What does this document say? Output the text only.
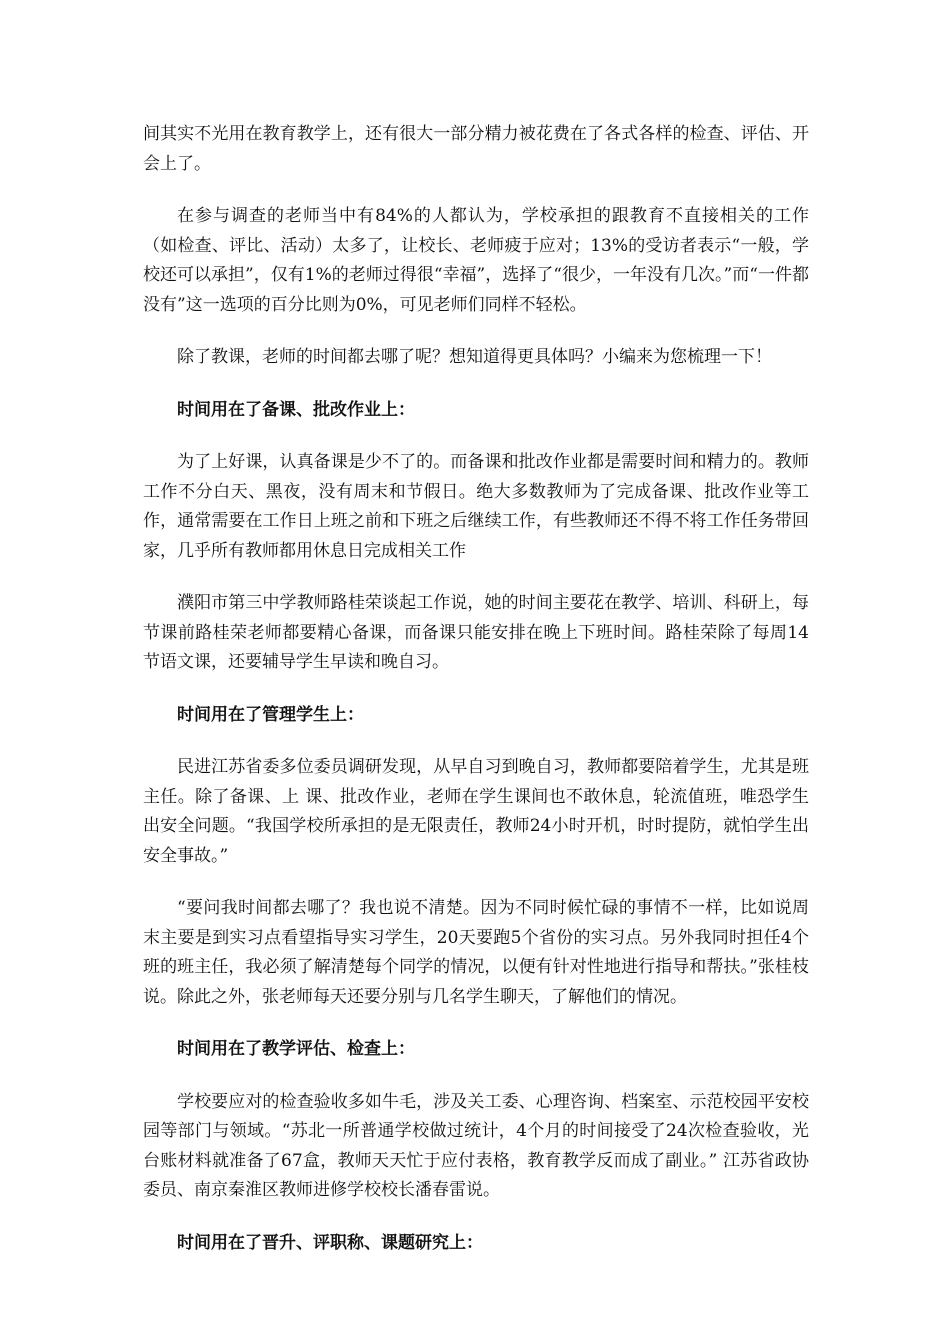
间其实不光用在教育教学上，还有很大一部分精力被花费在了各式各样的检查、评估、开会上了。

在参与调查的老师当中有84%的人都认为，学校承担的跟教育不直接相关的工作（如检查、评比、活动）太多了，让校长、老师疲于应对；13%的受访者表示“一般，学校还可以承担”，仅有1%的老师过得很“幸福”，选择了“很少，一年没有几次。”而“一件都没有”这一选项的百分比则为0%，可见老师们同样不轻松。

除了教课，老师的时间都去哪了呢？想知道得更具体吗？小编来为您梳理一下！

时间用在了备课、批改作业上：

为了上好课，认真备课是少不了的。而备课和批改作业都是需要时间和精力的。教师工作不分白天、黑夜，没有周末和节假日。绝大多数教师为了完成备课、批改作业等工作，通常需要在工作日上班之前和下班之后继续工作，有些教师还不得不将工作任务带回家，几乎所有教师都用休息日完成相关工作

濮阳市第三中学教师路桂荣谈起工作说，她的时间主要花在教学、培训、科研上，每节课前路桂荣老师都要精心备课，而备课只能安排在晚上下班时间。路桂荣除了每周14节语文课，还要辅导学生早读和晚自习。

时间用在了管理学生上：

民进江苏省委多位委员调研发现，从早自习到晚自习，教师都要陪着学生，尤其是班主任。除了备课、上 课、批改作业，老师在学生课间也不敢休息，轮流值班，唯恐学生出安全问题。“我国学校所承担的是无限责任，教师24小时开机，时时提防，就怕学生出安全事故。”

“要问我时间都去哪了？我也说不清楚。因为不同时候忙碌的事情不一样，比如说周末主要是到实习点看望指导实习学生，20天要跑5个省份的实习点。另外我同时担任4个班的班主任，我必须了解清楚每个同学的情况，以便有针对性地进行指导和帮扶。”张桂枝说。除此之外，张老师每天还要分别与几名学生聊天，了解他们的情况。

时间用在了教学评估、检查上：

学校要应对的检查验收多如牛毛，涉及关工委、心理咨询、档案室、示范校园平安校园等部门与领域。“苏北一所普通学校做过统计，4个月的时间接受了24次检查验收，光台账材料就准备了67盒，教师天天忙于应付表格，教育教学反而成了副业。” 江苏省政协委员、南京秦淮区教师进修学校校长潘春雷说。

时间用在了晋升、评职称、课题研究上：
